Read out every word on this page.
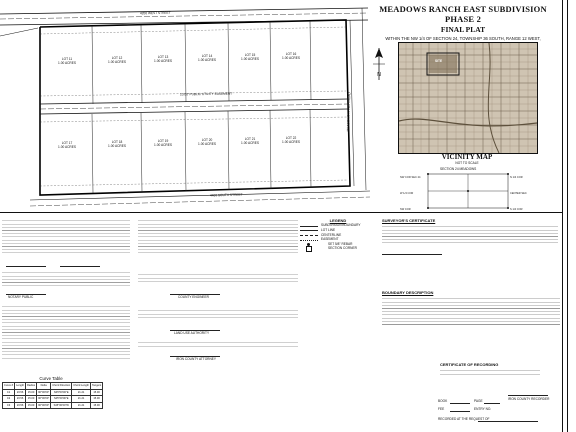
MEADOWS RANCH EAST SUBDIVISION PHASE 2
FINAL PLAT
WITHIN THE NW 1/4 OF SECTION 24, TOWNSHIP 36 SOUTH, RANGE 12 WEST,
N
4200 WEST STREET
4400 SOUTH STREET
MEADOWS RANCH ROAD
10.00' PUBLIC UTILITY EASEMENT
LOT 11
1.00 ACRES
LOT 12
1.00 ACRES
LOT 13
1.00 ACRES
LOT 14
1.00 ACRES
LOT 15
1.00 ACRES
LOT 16
1.00 ACRES
LOT 17
1.00 ACRES
LOT 18
1.00 ACRES
LOT 19
1.00 ACRES
LOT 20
1.00 ACRES
LOT 21
1.00 ACRES
LOT 22
1.00 ACRES
SITE
VICINITY MAP
NOT TO SCALE
SECTION 24 MEADOWS
NW COR SEC 24	N 1/4 COR
W 1/4 COR	CENTER SEC
SW COR	S 1/4 COR
SURVEYOR'S CERTIFICATE
BOUNDARY DESCRIPTION
CERTIFICATE OF RECORDING
BOOK	PAGE	IRON COUNTY RECORDER
FEE	ENTRY NO.
RECORDED AT THE REQUEST OF
NOTARY PUBLIC
Curve Table
Curve #	Length	Radius	Delta	Chord Direction	Chord Length	Tangent
C1	23.56	15.00	90°00'00"	N45°00'00"E	21.21	15.00
C2	23.56	15.00	90°00'00"	S45°00'00"E	21.21	15.00
C3	23.56	15.00	90°00'00"	S45°00'00"W	21.21	15.00
COUNTY ENGINEER
LAND USE AUTHORITY
IRON COUNTY ATTORNEY
LEGEND
SUBDIVISION BOUNDARY
LOT LINE
CENTERLINE
EASEMENT
SET 5/8" REBAR
SECTION CORNER
